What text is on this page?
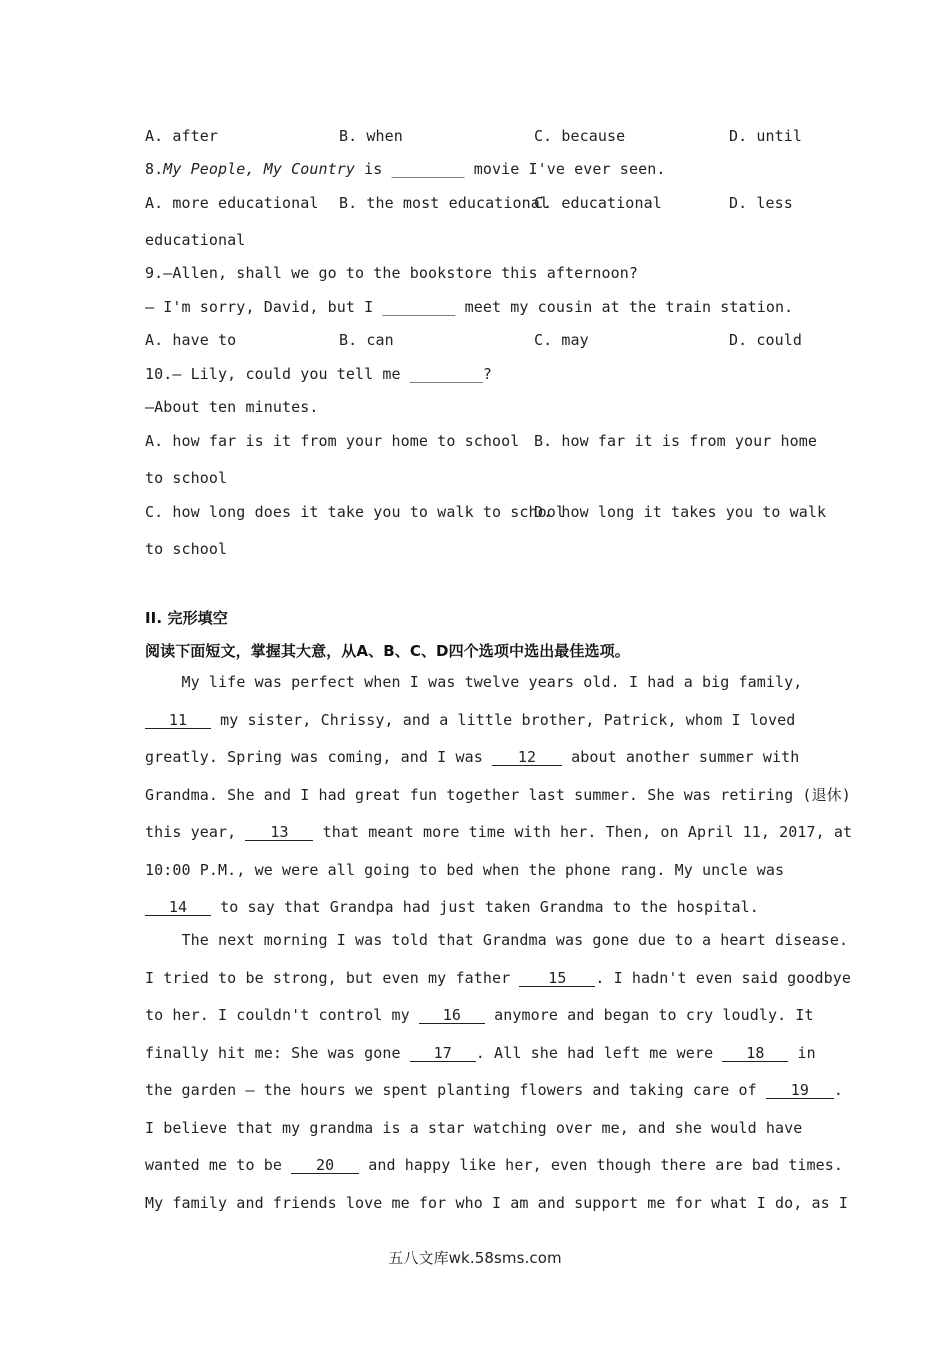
A. after	B. when	C. because	D. until
8.My People, My Country is ________ movie I've ever seen.
A. more educational B. the most educational
C. educational	D. less
educational
9.—Allen, shall we go to the bookstore this afternoon?
— I'm sorry, David, but I ________ meet my cousin at the train station.
A. have to	B. can	C. may	D. could
10.— Lily, could you tell me ________?
—About ten minutes.
A. how far is it from your home to school B. how far it is from your home
to school
C. how long does it take you to walk to school
D. how long it takes you to walk
to school
II. 完形填空
阅读下面短文，掌握其大意，从A、B、C、D四个选项中选出最佳选项。
My life was perfect when I was twelve years old. I had a big family,
11 my sister, Chrissy, and a little brother, Patrick, whom I loved
greatly. Spring was coming, and I was 12 about another summer with
Grandma. She and I had great fun together last summer. She was retiring (退休)
this year, 13 that meant more time with her. Then, on April 11, 2017, at
10:00 P.M., we were all going to bed when the phone rang. My uncle was
14 to say that Grandpa had just taken Grandma to the hospital.
The next morning I was told that Grandma was gone due to a heart disease.
I tried to be strong, but even my father 15 . I hadn't even said goodbye
to her. I couldn't control my 16 anymore and began to cry loudly. It
finally hit me: She was gone 17 . All she had left me were 18 in
the garden — the hours we spent planting flowers and taking care of 19 .
I believe that my grandma is a star watching over me, and she would have
wanted me to be 20 and happy like her, even though there are bad times.
My family and friends love me for who I am and support me for what I do, as I
五八文库wk.58sms.com
